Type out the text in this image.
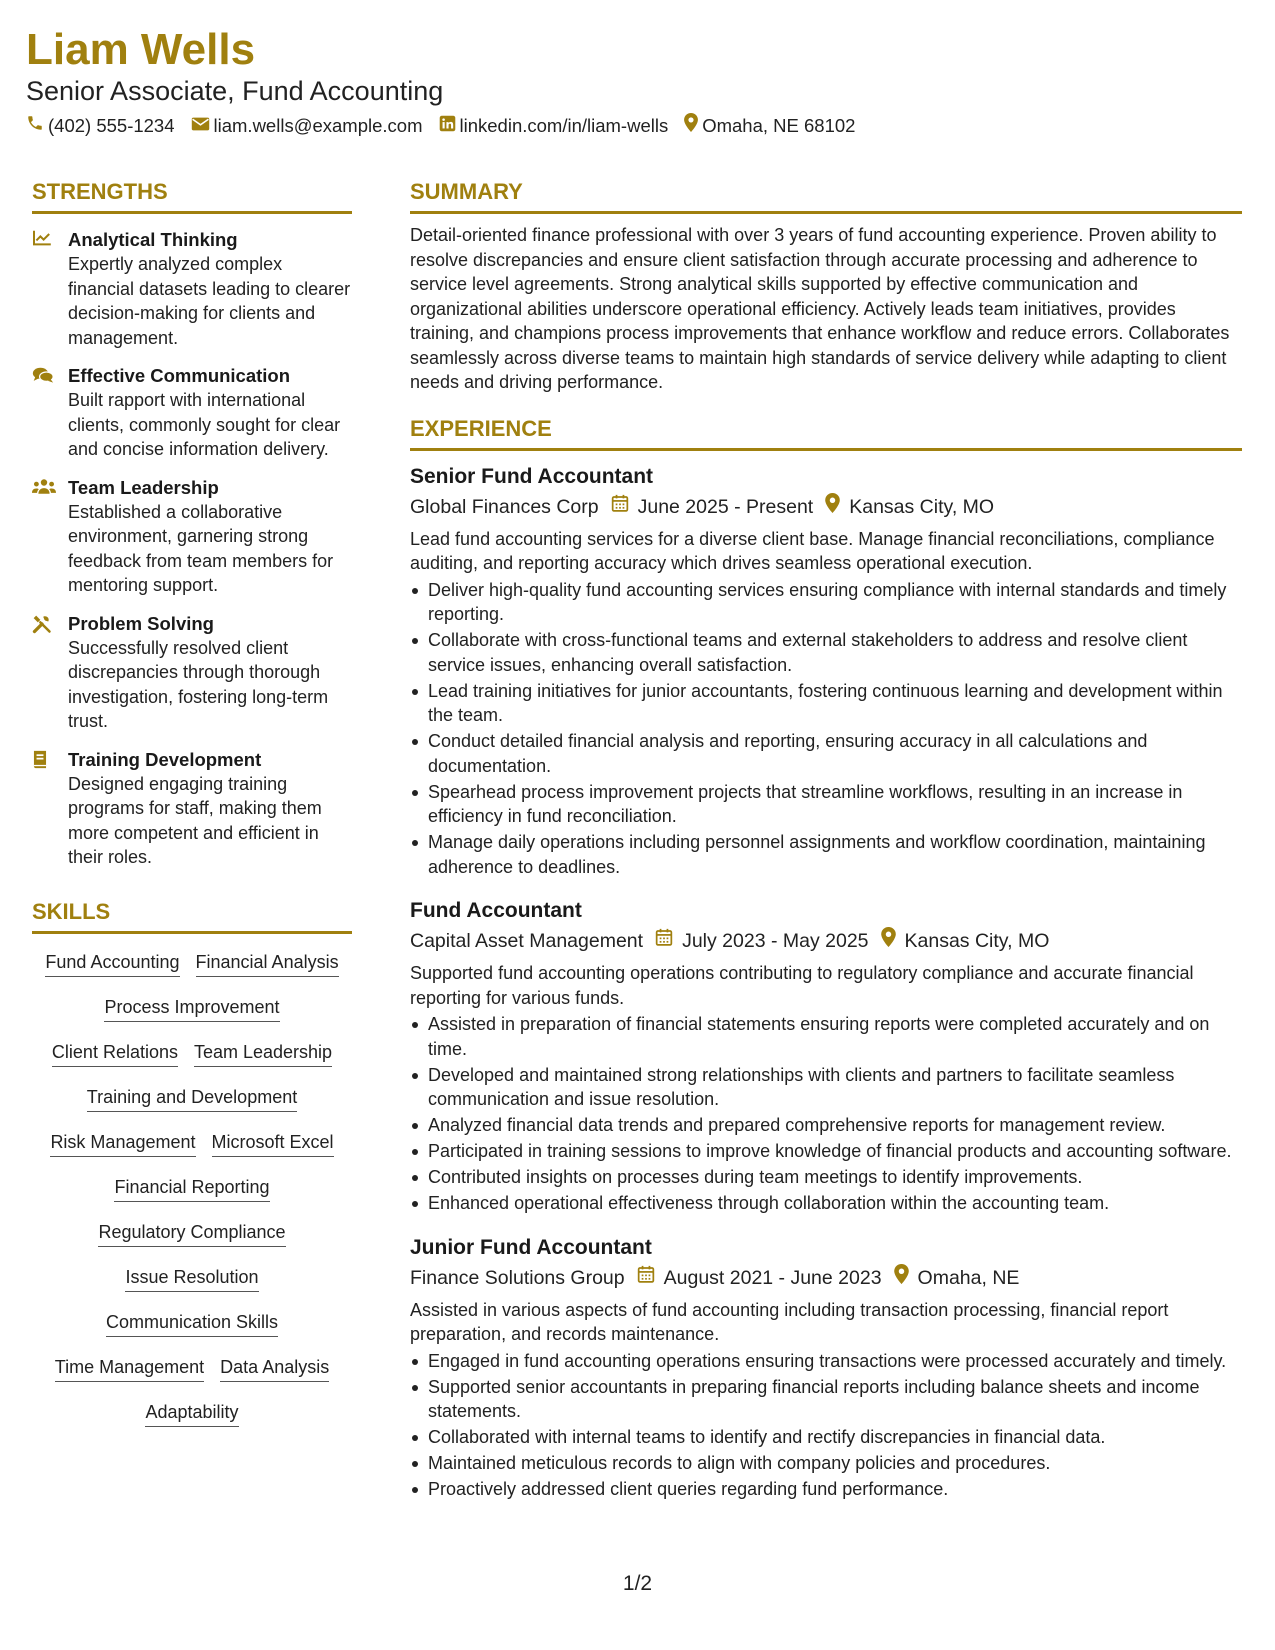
Liam Wells
Senior Associate, Fund Accounting
(402) 555-1234 liam.wells@example.com linkedin.com/in/liam-wells Omaha, NE 68102
STRENGTHS
Analytical Thinking
Expertly analyzed complex financial datasets leading to clearer decision-making for clients and management.
Effective Communication
Built rapport with international clients, commonly sought for clear and concise information delivery.
Team Leadership
Established a collaborative environment, garnering strong feedback from team members for mentoring support.
Problem Solving
Successfully resolved client discrepancies through thorough investigation, fostering long-term trust.
Training Development
Designed engaging training programs for staff, making them more competent and efficient in their roles.
SKILLS
Fund Accounting Financial Analysis
Process Improvement
Client Relations Team Leadership
Training and Development
Risk Management Microsoft Excel
Financial Reporting
Regulatory Compliance
Issue Resolution
Communication Skills
Time Management Data Analysis
Adaptability
SUMMARY
Detail-oriented finance professional with over 3 years of fund accounting experience. Proven ability to resolve discrepancies and ensure client satisfaction through accurate processing and adherence to service level agreements. Strong analytical skills supported by effective communication and organizational abilities underscore operational efficiency. Actively leads team initiatives, provides training, and champions process improvements that enhance workflow and reduce errors. Collaborates seamlessly across diverse teams to maintain high standards of service delivery while adapting to client needs and driving performance.
EXPERIENCE
Senior Fund Accountant
Global Finances Corp June 2025 - Present Kansas City, MO
Lead fund accounting services for a diverse client base. Manage financial reconciliations, compliance auditing, and reporting accuracy which drives seamless operational execution.
Deliver high-quality fund accounting services ensuring compliance with internal standards and timely reporting.
Collaborate with cross-functional teams and external stakeholders to address and resolve client service issues, enhancing overall satisfaction.
Lead training initiatives for junior accountants, fostering continuous learning and development within the team.
Conduct detailed financial analysis and reporting, ensuring accuracy in all calculations and documentation.
Spearhead process improvement projects that streamline workflows, resulting in an increase in efficiency in fund reconciliation.
Manage daily operations including personnel assignments and workflow coordination, maintaining adherence to deadlines.
Fund Accountant
Capital Asset Management July 2023 - May 2025 Kansas City, MO
Supported fund accounting operations contributing to regulatory compliance and accurate financial reporting for various funds.
Assisted in preparation of financial statements ensuring reports were completed accurately and on time.
Developed and maintained strong relationships with clients and partners to facilitate seamless communication and issue resolution.
Analyzed financial data trends and prepared comprehensive reports for management review.
Participated in training sessions to improve knowledge of financial products and accounting software.
Contributed insights on processes during team meetings to identify improvements.
Enhanced operational effectiveness through collaboration within the accounting team.
Junior Fund Accountant
Finance Solutions Group August 2021 - June 2023 Omaha, NE
Assisted in various aspects of fund accounting including transaction processing, financial report preparation, and records maintenance.
Engaged in fund accounting operations ensuring transactions were processed accurately and timely.
Supported senior accountants in preparing financial reports including balance sheets and income statements.
Collaborated with internal teams to identify and rectify discrepancies in financial data.
Maintained meticulous records to align with company policies and procedures.
Proactively addressed client queries regarding fund performance.
1/2
